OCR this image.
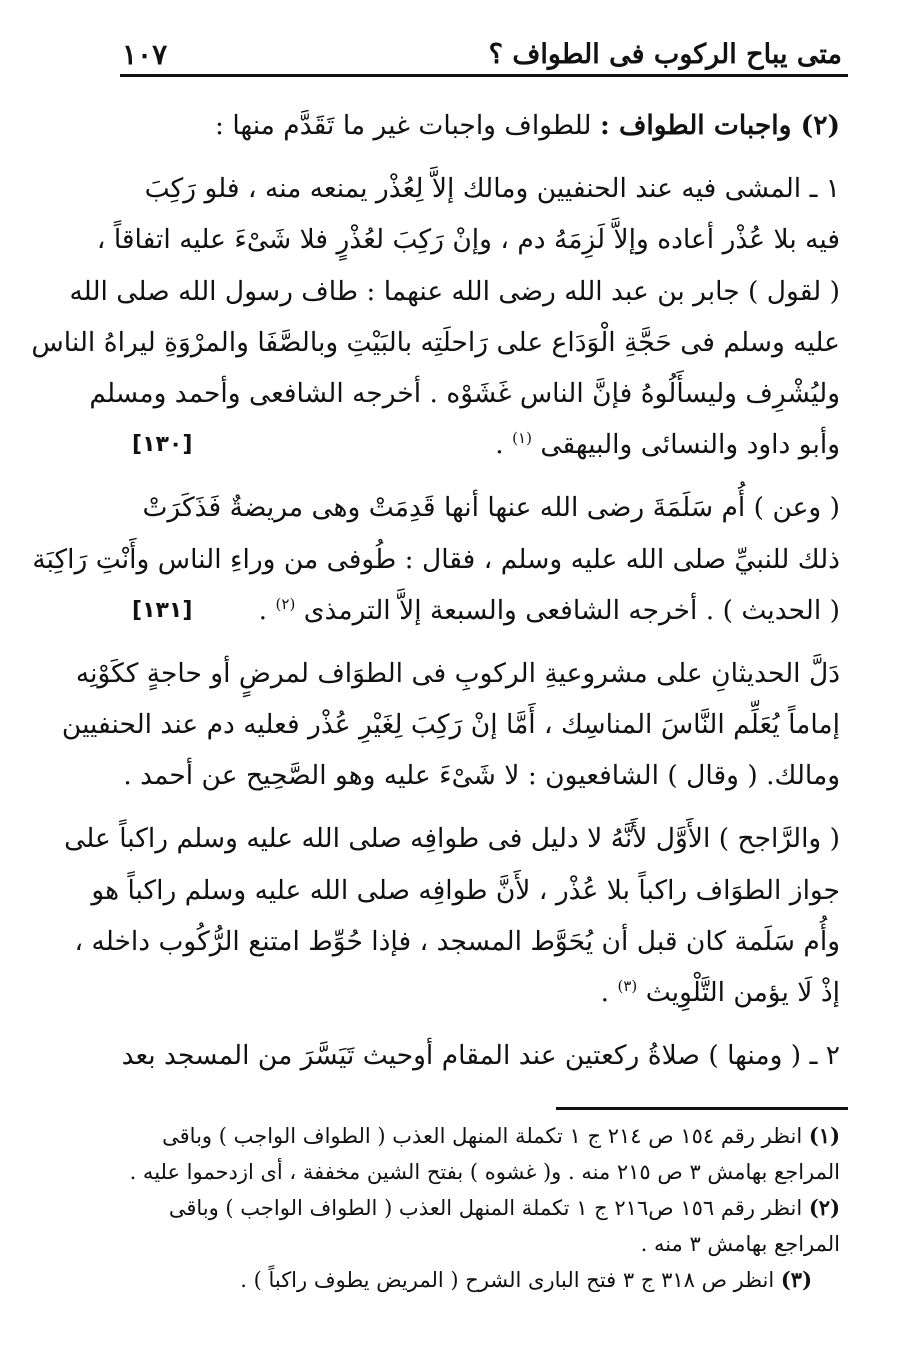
متى يباح الركوب فى الطواف ؟
١٠٧

(٢) واجبات الطواف : للطواف واجبات غير ما تَقَدَّم منها :

١ ـ المشى فيه عند الحنفيين ومالك إلاَّ لِعُذْر يمنعه منه ، فلو رَكِبَ
فيه بلا عُذْر أعاده وإلاَّ لَزِمَهُ دم ، وإنْ رَكِبَ لعُذْرٍ فلا شَىْءَ عليه اتفاقاً ،
( لقول ) جابر بن عبد الله رضى الله عنهما : طاف رسول الله صلى الله
عليه وسلم فى حَجَّةِ الْوَدَاع على رَاحلَتِه بالبَيْتِ وبالصَّفَا والمرْوَةِ ليراهُ الناس
وليُشْرِف وليسأَلُوهُ فإنَّ الناس غَشَوْه . أخرجه الشافعى وأحمد ومسلم
وأبو داود والنسائى والبيهقى $^{(١)}$ .
[١٣٠]

( وعن ) أُم سَلَمَةَ رضى الله عنها أنها قَدِمَتْ وهى مريضةٌ فَذَكَرَتْ
ذلك للنبيِّ صلى الله عليه وسلم ، فقال : طُوفى من وراءِ الناس وأَنْتِ رَاكِبَة
( الحديث ) . أخرجه الشافعى والسبعة إلاَّ الترمذى $^{(٢)}$ .
[١٣١]

دَلَّ الحديثانِ على مشروعيةِ الركوبِ فى الطوَاف لمرضٍ أو حاجةٍ ككَوْنِه
إماماً يُعَلِّم النَّاسَ المناسِك ، أَمَّا إنْ رَكِبَ لِغَيْرِ عُذْر فعليه دم عند الحنفيين
ومالك. ( وقال ) الشافعيون : لا شَىْءَ عليه وهو الصَّحِيح عن أحمد .

( والرَّاجح ) الأَوَّل لأَنَّهُ لا دليل فى طوافِه صلى الله عليه وسلم راكباً على
جواز الطوَاف راكباً بلا عُذْر ، لأَنَّ طوافِه صلى الله عليه وسلم راكباً هو
وأُم سَلَمة كان قبل أن يُحَوَّط المسجد ، فإذا حُوِّط امتنع الرُّكُوب داخله ،
إذْ لَا يؤمن التَّلْوِيث $^{(٣)}$ .

٢ ـ ( ومنها ) صلاةُ ركعتين عند المقام أوحيث تَيَسَّرَ من المسجد بعد

(١) انظر رقم ١٥٤ ص ٢١٤ ج ١ تكملة المنهل العذب ( الطواف الواجب ) وباقى
المراجع بهامش ٣ ص ٢١٥ منه . و( غشوه ) بفتح الشين مخففة ، أى ازدحموا عليه .
(٢) انظر رقم ١٥٦ ص٢١٦ ج ١ تكملة المنهل العذب ( الطواف الواجب ) وباقى
المراجع بهامش ٣ منه .
(٣) انظر ص ٣١٨ ج ٣ فتح البارى الشرح ( المريض يطوف راكباً ) .
